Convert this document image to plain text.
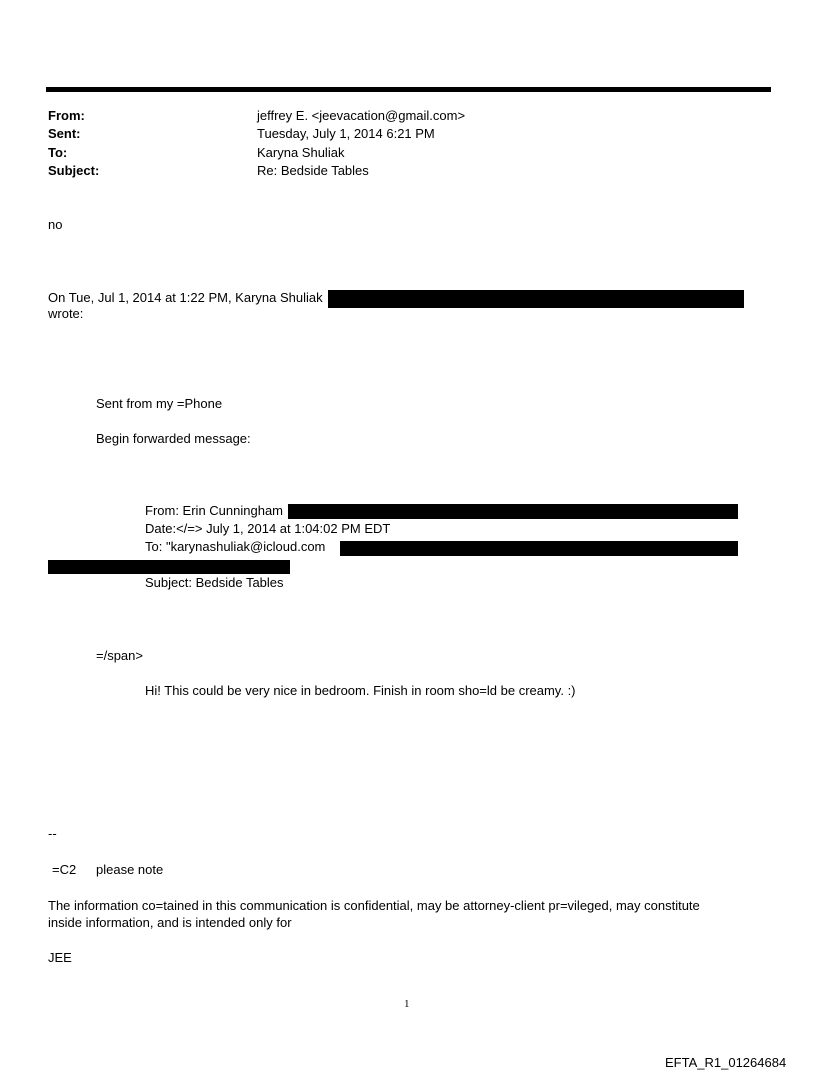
From:	jeffrey E. <jeevacation@gmail.com>
Sent:	Tuesday, July 1, 2014 6:21 PM
To:	Karyna Shuliak
Subject:	Re: Bedside Tables
no
On Tue, Jul 1, 2014 at 1:22 PM, Karyna Shuliak
wrote:
Sent from my =Phone
Begin forwarded message:
From: Erin Cunningham
Date:</=> July 1, 2014 at 1:04:02 PM EDT
To: "karynashuliak@icloud.com
Subject: Bedside Tables
=/span>
Hi! This could be very nice in bedroom. Finish in room sho=ld be creamy. :)
--
=C2 please note
The information co=tained in this communication is confidential, may be attorney-client pr=vileged, may constitute
inside information, and is intended only for
JEE
1
EFTA_R1_01264684
